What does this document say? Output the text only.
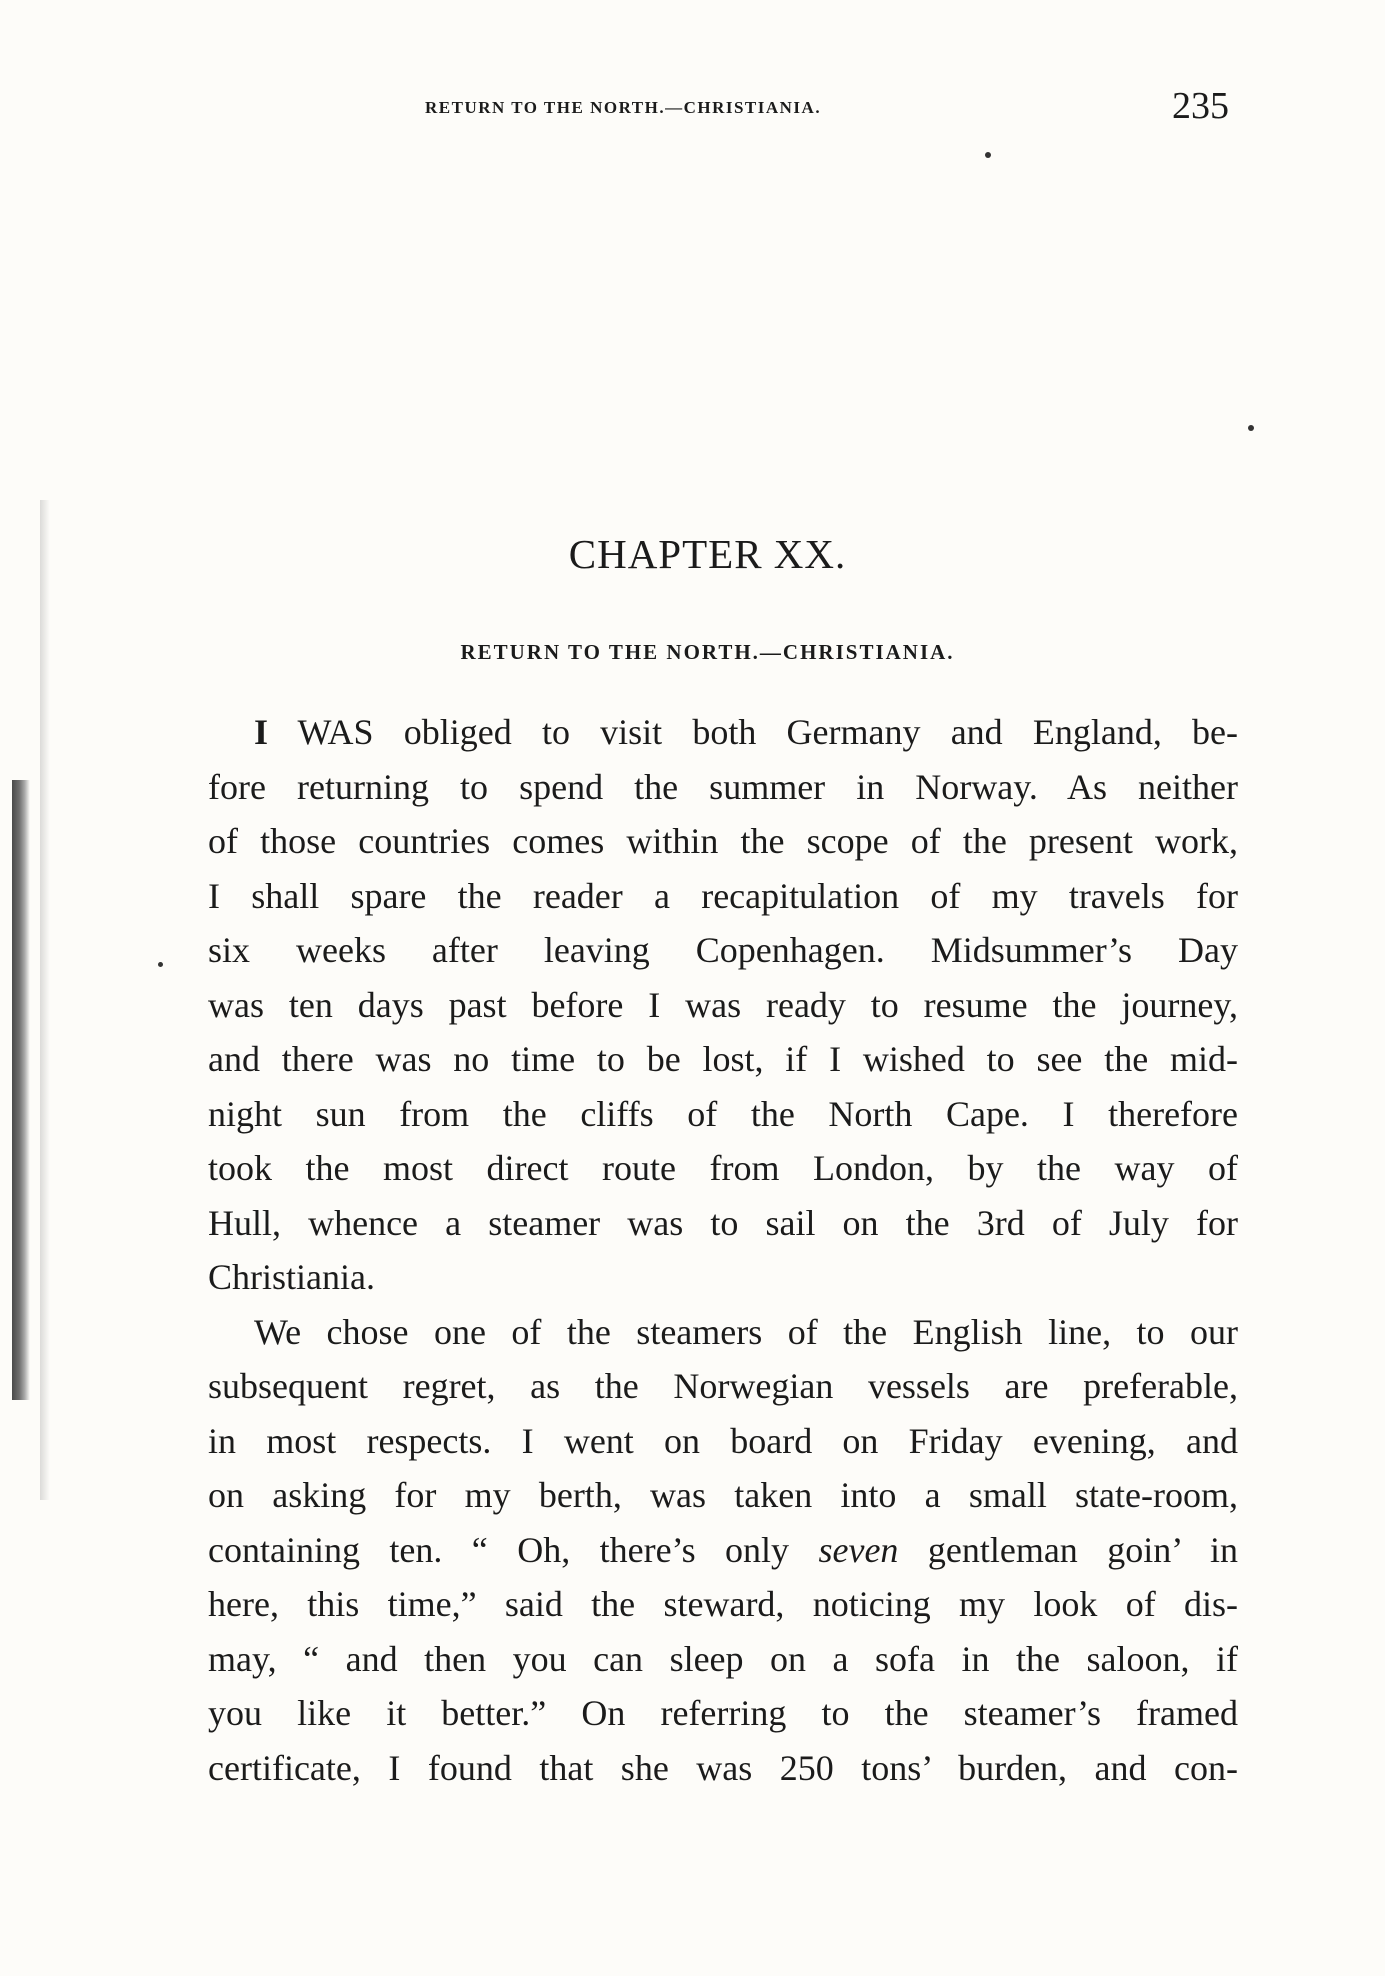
RETURN TO THE NORTH.—CHRISTIANIA.	235
CHAPTER XX.
RETURN TO THE NORTH.—CHRISTIANIA.
I WAS obliged to visit both Germany and England, be-
fore returning to spend the summer in Norway. As neither
of those countries comes within the scope of the present work,
I shall spare the reader a recapitulation of my travels for
six weeks after leaving Copenhagen. Midsummer’s Day
was ten days past before I was ready to resume the journey,
and there was no time to be lost, if I wished to see the mid-
night sun from the cliffs of the North Cape. I therefore
took the most direct route from London, by the way of
Hull, whence a steamer was to sail on the 3rd of July for
Christiania.
We chose one of the steamers of the English line, to our
subsequent regret, as the Norwegian vessels are preferable,
in most respects. I went on board on Friday evening, and
on asking for my berth, was taken into a small state-room,
containing ten. “ Oh, there’s only seven gentleman goin’ in
here, this time,” said the steward, noticing my look of dis-
may, “ and then you can sleep on a sofa in the saloon, if
you like it better.” On referring to the steamer’s framed
certificate, I found that she was 250 tons’ burden, and con-
